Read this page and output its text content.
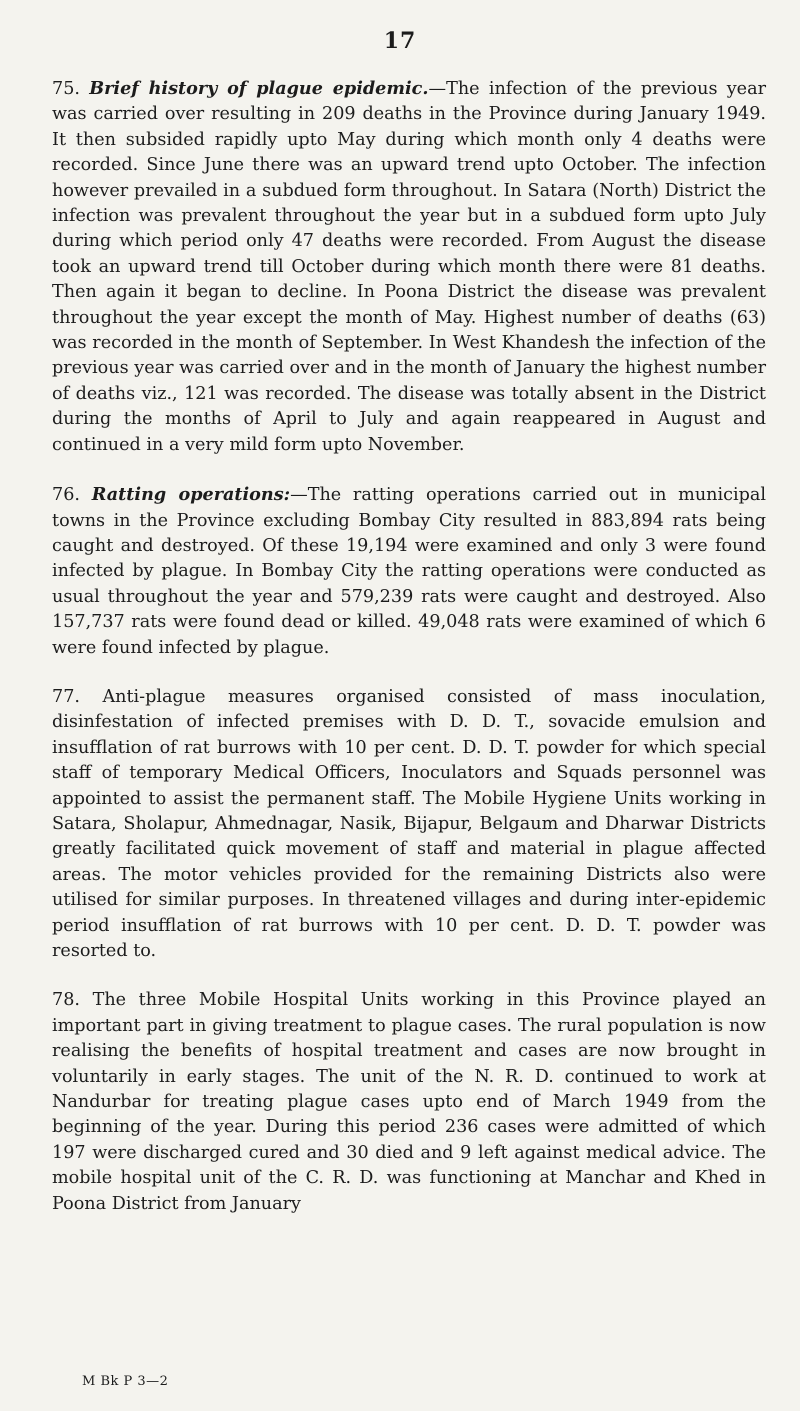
17

75. Brief history of plague epidemic.—The infection of the previous year was carried over resulting in 209 deaths in the Province during January 1949. It then subsided rapidly upto May during which month only 4 deaths were recorded. Since June there was an upward trend upto October. The infection however prevailed in a subdued form throughout. In Satara (North) District the infection was prevalent throughout the year but in a subdued form upto July during which period only 47 deaths were recorded. From August the disease took an upward trend till October during which month there were 81 deaths. Then again it began to decline. In Poona District the disease was prevalent throughout the year except the month of May. Highest number of deaths (63) was recorded in the month of September. In West Khandesh the infection of the previous year was carried over and in the month of January the highest number of deaths viz., 121 was recorded. The disease was totally absent in the District during the months of April to July and again reappeared in August and continued in a very mild form upto November.

76. Ratting operations:—The ratting operations carried out in municipal towns in the Province excluding Bombay City resulted in 883,894 rats being caught and destroyed. Of these 19,194 were examined and only 3 were found infected by plague. In Bombay City the ratting operations were conducted as usual throughout the year and 579,239 rats were caught and destroyed. Also 157,737 rats were found dead or killed. 49,048 rats were examined of which 6 were found infected by plague.

77. Anti-plague measures organised consisted of mass inoculation, disinfestation of infected premises with D. D. T., sovacide emulsion and insufflation of rat burrows with 10 per cent. D. D. T. powder for which special staff of temporary Medical Officers, Inoculators and Squads personnel was appointed to assist the permanent staff. The Mobile Hygiene Units working in Satara, Sholapur, Ahmednagar, Nasik, Bijapur, Belgaum and Dharwar Districts greatly facilitated quick movement of staff and material in plague affected areas. The motor vehicles provided for the remaining Districts also were utilised for similar purposes. In threatened villages and during inter-epidemic period insufflation of rat burrows with 10 per cent. D. D. T. powder was resorted to.

78. The three Mobile Hospital Units working in this Province played an important part in giving treatment to plague cases. The rural population is now realising the benefits of hospital treatment and cases are now brought in voluntarily in early stages. The unit of the N. R. D. continued to work at Nandurbar for treating plague cases upto end of March 1949 from the beginning of the year. During this period 236 cases were admitted of which 197 were discharged cured and 30 died and 9 left against medical advice. The mobile hospital unit of the C. R. D. was functioning at Manchar and Khed in Poona District from January

M Bk P 3—2
